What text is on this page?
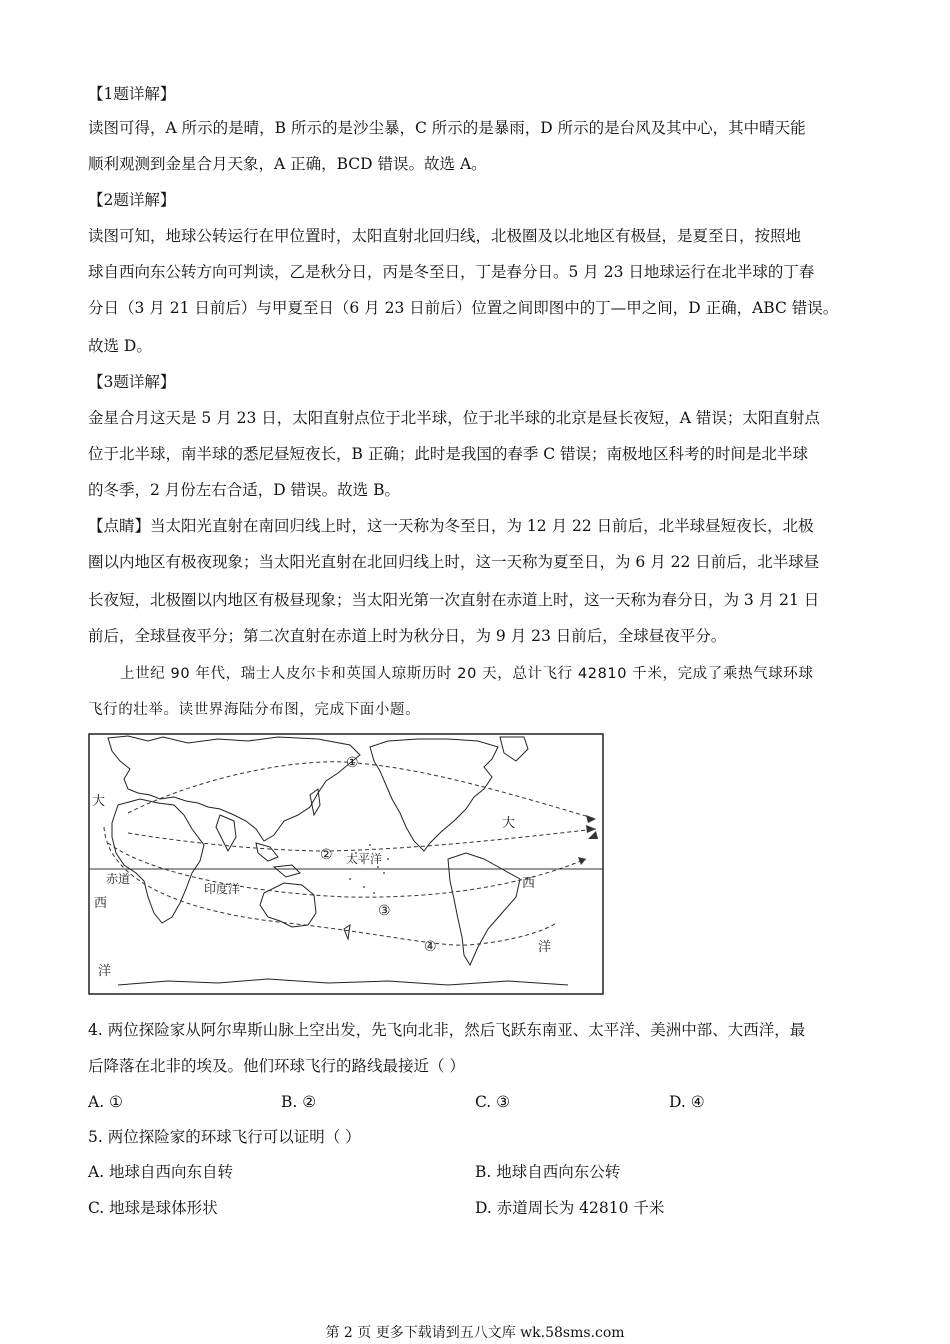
【1题详解】
读图可得，A 所示的是晴，B 所示的是沙尘暴，C 所示的是暴雨，D 所示的是台风及其中心，其中晴天能
顺利观测到金星合月天象，A 正确，BCD 错误。故选 A。
【2题详解】
读图可知，地球公转运行在甲位置时，太阳直射北回归线，北极圈及以北地区有极昼，是夏至日，按照地
球自西向东公转方向可判读，乙是秋分日，丙是冬至日，丁是春分日。5 月 23 日地球运行在北半球的丁春
分日（3 月 21 日前后）与甲夏至日（6 月 23 日前后）位置之间即图中的丁—甲之间，D 正确，ABC 错误。
故选 D。
【3题详解】
金星合月这天是 5 月 23 日，太阳直射点位于北半球，位于北半球的北京是昼长夜短，A 错误；太阳直射点
位于北半球，南半球的悉尼昼短夜长，B 正确；此时是我国的春季 C 错误；南极地区科考的时间是北半球
的冬季，2 月份左右合适，D 错误。故选 B。
【点睛】当太阳光直射在南回归线上时，这一天称为冬至日，为 12 月 22 日前后，北半球昼短夜长，北极
圈以内地区有极夜现象；当太阳光直射在北回归线上时，这一天称为夏至日，为 6 月 22 日前后，北半球昼
长夜短，北极圈以内地区有极昼现象；当太阳光第一次直射在赤道上时，这一天称为春分日，为 3 月 21 日
前后，全球昼夜平分；第二次直射在赤道上时为秋分日，为 9 月 23 日前后，全球昼夜平分。
上世纪 90 年代，瑞士人皮尔卡和英国人琼斯历时 20 天，总计飞行 42810 千米，完成了乘热气球环球
飞行的壮举。读世界海陆分布图，完成下面小题。
大
赤道
西
洋
印度洋
太平洋
大
西
洋
①
②
③
④
4. 两位探险家从阿尔卑斯山脉上空出发，先飞向北非，然后飞跃东南亚、太平洋、美洲中部、大西洋，最
后降落在北非的埃及。他们环球飞行的路线最接近（ ）
A. ①	B. ②	C. ③	D. ④
5. 两位探险家的环球飞行可以证明（ ）
A. 地球自西向东自转	B. 地球自西向东公转
C. 地球是球体形状	D. 赤道周长为 42810 千米
第 2 页 更多下载请到五八文库 wk.58sms.com
